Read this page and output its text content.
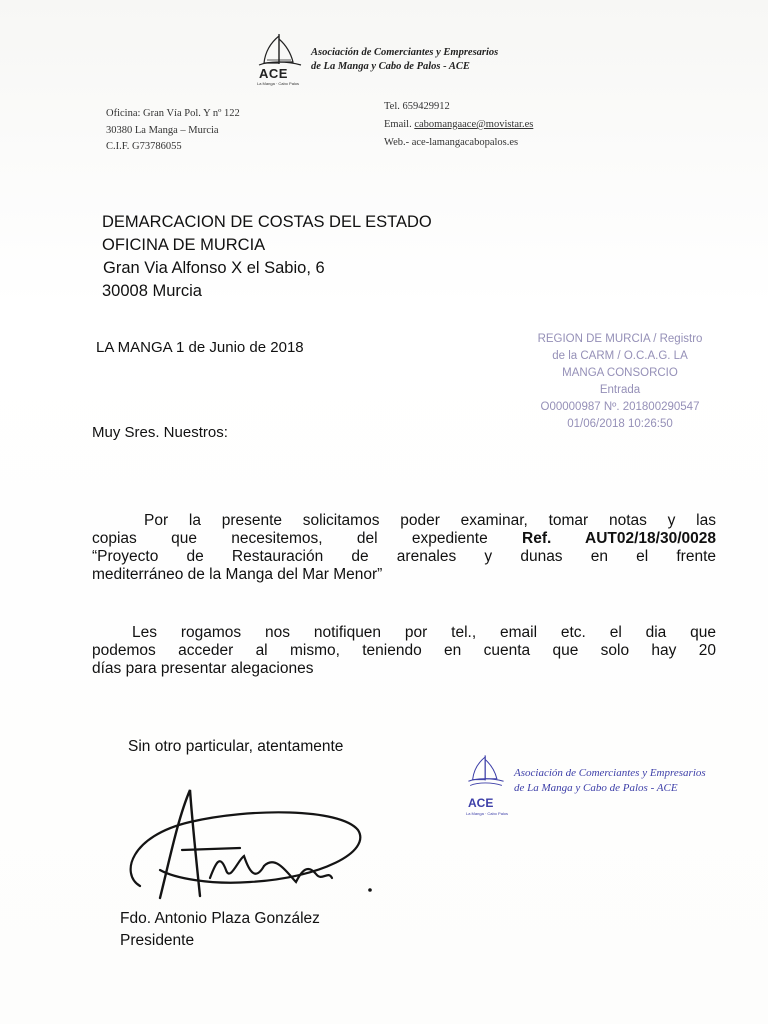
ACE
La Manga · Cabo Palos
Asociación de Comerciantes y Empresarios
de La Manga y Cabo de Palos - ACE
Oficina: Gran Vía Pol. Y nº 122
30380 La Manga – Murcia
C.I.F. G73786055
Tel. 659429912
Email. cabomangaace@movistar.es
Web.- ace-lamangacabopalos.es
DEMARCACION DE COSTAS DEL ESTADO
OFICINA DE MURCIA
Gran Via Alfonso X el Sabio, 6
30008 Murcia
LA MANGA 1 de Junio de 2018	REGION DE MURCIA / Registro
de la CARM / O.C.A.G. LA
MANGA CONSORCIO
Entrada
O00000987 Nº. 201800290547
01/06/2018 10:26:50
Muy Sres. Nuestros:
Por la presente solicitamos poder examinar, tomar notas y las
copias que necesitemos, del expediente Ref. AUT02/18/30/0028
“Proyecto de Restauración de arenales y dunas en el frente
mediterráneo de la Manga del Mar Menor”
Les rogamos nos notifiquen por tel., email etc. el dia que
podemos acceder al mismo, teniendo en cuenta que solo hay 20
días para presentar alegaciones
Sin otro particular, atentamente
Fdo. Antonio Plaza González
Presidente
ACE
La Manga · Cabo Palos
Asociación de Comerciantes y Empresarios
de La Manga y Cabo de Palos - ACE
